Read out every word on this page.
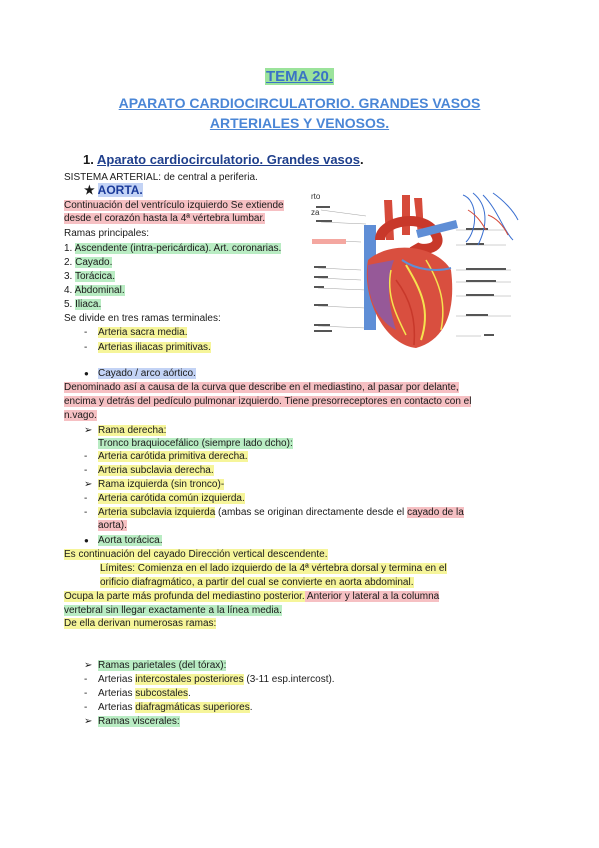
TEMA 20.
APARATO CARDIOCIRCULATORIO. GRANDES VASOS
ARTERIALES Y VENOSOS.
1. Aparato cardiocirculatorio. Grandes vasos.
SISTEMA ARTERIAL: de central a periferia.
★ AORTA.
Continuación del ventrículo izquierdo Se extiende
desde el corazón hasta la 4ª vértebra lumbar.
Ramas principales:
1. Ascendente (intra-pericárdica). Art. coronarias.
2. Cayado.
3. Torácica.
4. Abdominal.
5. Iliaca.
Se divide en tres ramas terminales:
- Arteria sacra media.
- Arterias iliacas primitivas.
● Cayado / arco aórtico.
Denominado así a causa de la curva que describe en el mediastino, al pasar por delante,
encima y detrás del pedículo pulmonar izquierdo. Tiene presorreceptores en contacto con el
n.vago.
➢ Rama derecha:
Tronco braquiocefálico (siempre lado dcho):
- Arteria carótida primitiva derecha.
- Arteria subclavia derecha.
➢ Rama izquierda (sin tronco)-
- Arteria carótida común izquierda.
- Arteria subclavia izquierda (ambas se originan directamente desde el cayado de la
aorta).
● Aorta torácica.
Es continuación del cayado Dirección vertical descendente.
Límites: Comienza en el lado izquierdo de la 4ª vértebra dorsal y termina en el
orificio diafragmático, a partir del cual se convierte en aorta abdominal.
Ocupa la parte más profunda del mediastino posterior. Anterior y lateral a la columna
vertebral sin llegar exactamente a la línea media.
De ella derivan numerosas ramas:
➢ Ramas parietales (del tórax):
- Arterias intercostales posteriores (3-11 esp.intercost).
- Arterias subcostales.
- Arterias diafragmáticas superiores.
➢ Ramas viscerales:
rto
za
